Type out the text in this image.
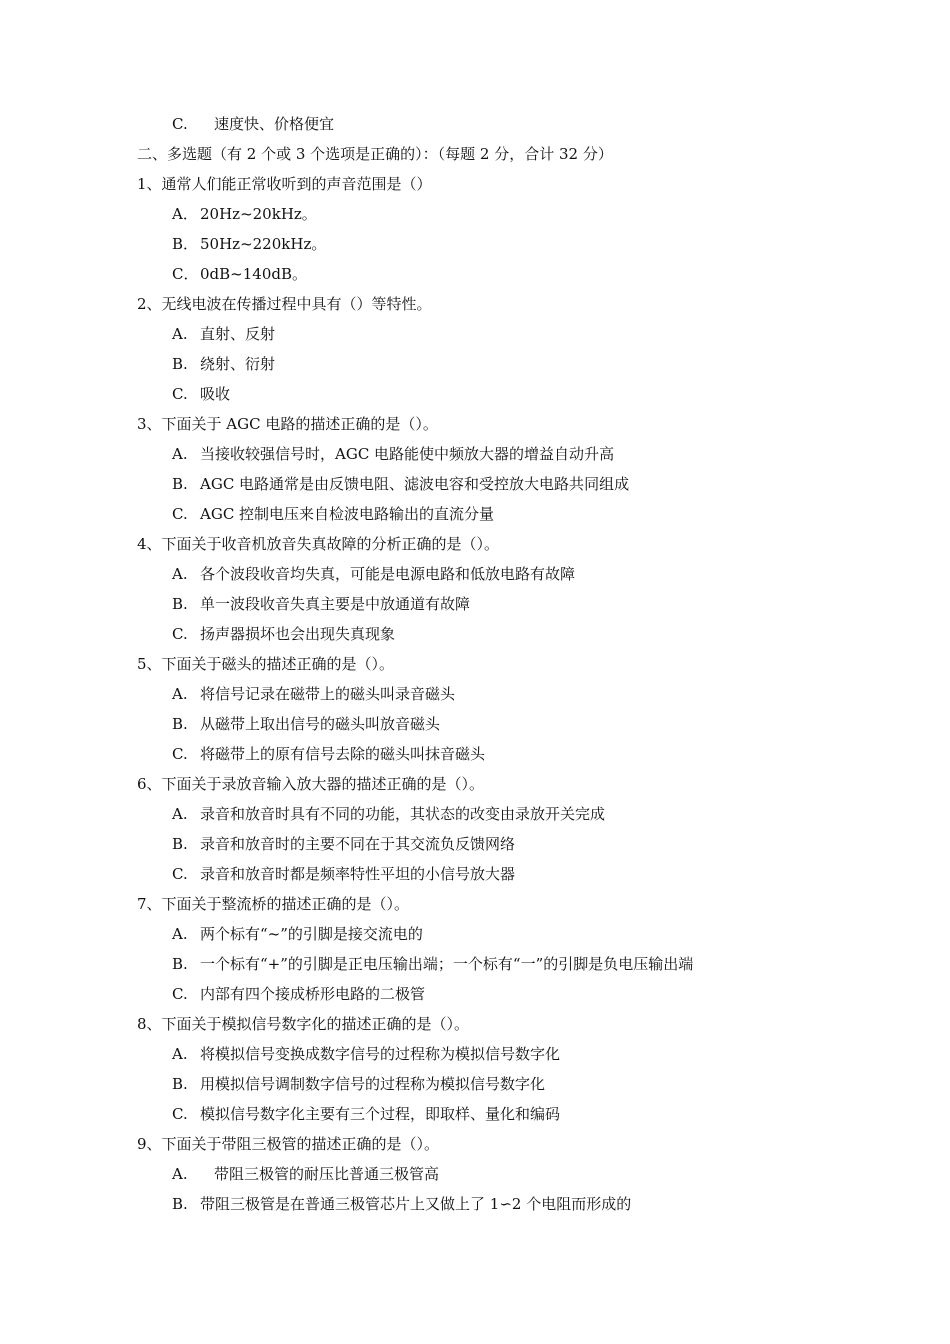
C. 速度快、价格便宜
二、多选题（有 2 个或 3 个选项是正确的）：（每题 2 分，合计 32 分）
1、通常人们能正常收听到的声音范围是（）
A． 20Hz~20kHz。
B． 50Hz~220kHz。
C． 0dB~140dB。
2、无线电波在传播过程中具有（）等特性。
A. 直射、反射
B. 绕射、衍射
C. 吸收
3、下面关于 AGC 电路的描述正确的是（）。
A. 当接收较强信号时，AGC 电路能使中频放大器的增益自动升高
B. AGC 电路通常是由反馈电阻、滤波电容和受控放大电路共同组成
C. AGC 控制电压来自检波电路输出的直流分量
4、下面关于收音机放音失真故障的分析正确的是（）。
A. 各个波段收音均失真，可能是电源电路和低放电路有故障
B. 单一波段收音失真主要是中放通道有故障
C. 扬声器损坏也会出现失真现象
5、下面关于磁头的描述正确的是（）。
A. 将信号记录在磁带上的磁头叫录音磁头
B. 从磁带上取出信号的磁头叫放音磁头
C. 将磁带上的原有信号去除的磁头叫抹音磁头
6、下面关于录放音输入放大器的描述正确的是（）。
A. 录音和放音时具有不同的功能，其状态的改变由录放开关完成
B. 录音和放音时的主要不同在于其交流负反馈网络
C. 录音和放音时都是频率特性平坦的小信号放大器
7、下面关于整流桥的描述正确的是（）。
A. 两个标有“~”的引脚是接交流电的
B. 一个标有“+”的引脚是正电压输出端；一个标有“一”的引脚是负电压输出端
C. 内部有四个接成桥形电路的二极管
8、下面关于模拟信号数字化的描述正确的是（）。
A. 将模拟信号变换成数字信号的过程称为模拟信号数字化
B. 用模拟信号调制数字信号的过程称为模拟信号数字化
C. 模拟信号数字化主要有三个过程，即取样、量化和编码
9、下面关于带阻三极管的描述正确的是（）。
A. 带阻三极管的耐压比普通三极管高
B. 带阻三极管是在普通三极管芯片上又做上了 1∽2 个电阻而形成的
